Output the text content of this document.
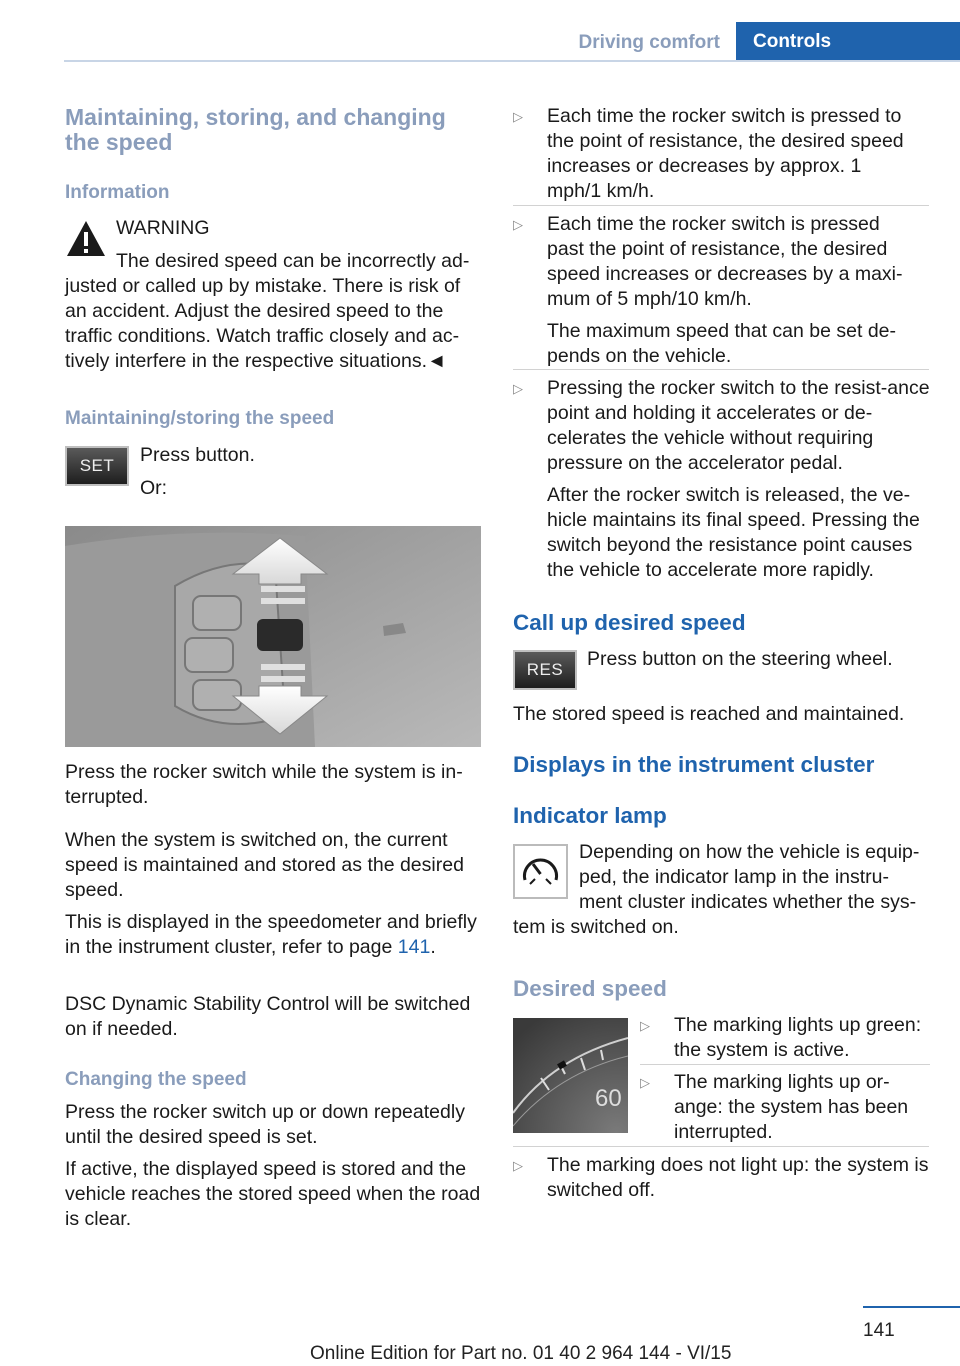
Driving comfort	Controls

Maintaining, storing, and changing the speed

Information

WARNING

The desired speed can be incorrectly ad‐

justed or called up by mistake. There is risk of an accident. Adjust the desired speed to the traffic conditions. Watch traffic closely and ac‐tively interfere in the respective situations.◄

Maintaining/storing the speed

SET	Press button.

Or:

Press the rocker switch while the system is in‐terrupted.

When the system is switched on, the current speed is maintained and stored as the desired speed.

This is displayed in the speedometer and briefly in the instrument cluster, refer to page 141.

DSC Dynamic Stability Control will be switched on if needed.

Changing the speed

Press the rocker switch up or down repeatedly until the desired speed is set.

If active, the displayed speed is stored and the vehicle reaches the stored speed when the road is clear.

▷ Each time the rocker switch is pressed to the point of resistance, the desired speed increases or decreases by approx. 1 mph/1 km/h.

▷ Each time the rocker switch is pressed past the point of resistance, the desired speed increases or decreases by a maxi‐mum of 5 mph/10 km/h.

The maximum speed that can be set de‐pends on the vehicle.

▷ Pressing the rocker switch to the resist‐ance point and holding it accelerates or de‐celerates the vehicle without requiring pressure on the accelerator pedal.

After the rocker switch is released, the ve‐hicle maintains its final speed. Pressing the switch beyond the resistance point causes the vehicle to accelerate more rapidly.

Call up desired speed

RES	Press button on the steering wheel.

The stored speed is reached and maintained.

Displays in the instrument cluster

Indicator lamp

Depending on how the vehicle is equip‐

ped, the indicator lamp in the instru‐

ment cluster indicates whether the sys‐

tem is switched on.

Desired speed

60
▷ The marking lights up green: the system is active.

▷ The marking lights up or‐ange: the system has been interrupted.

▷ The marking does not light up: the system is switched off.

141
Online Edition for Part no. 01 40 2 964 144 - VI/15
